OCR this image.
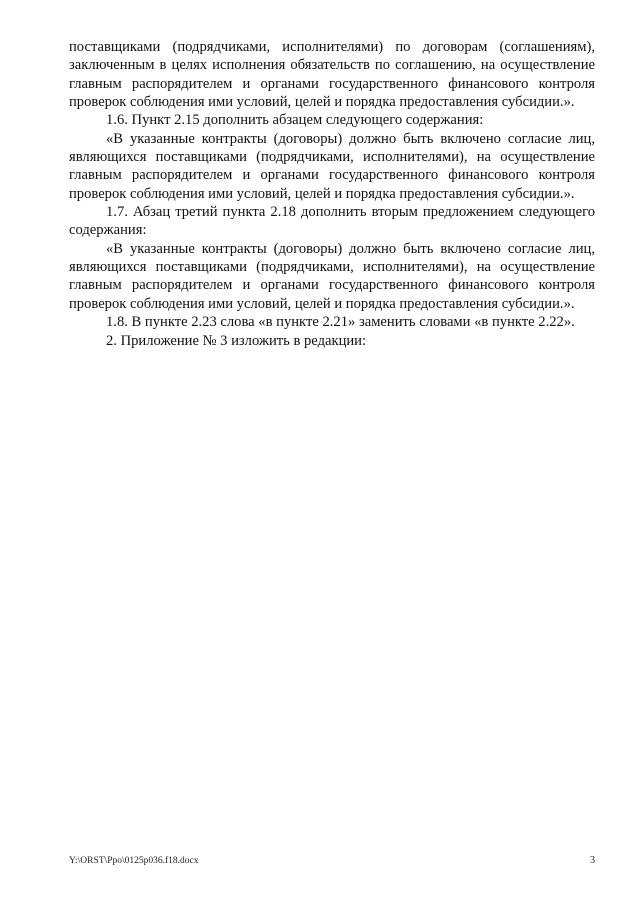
поставщиками (подрядчиками, исполнителями) по договорам (соглашениям), заключенным в целях исполнения обязательств по соглашению, на осуществление главным распорядителем и органами государственного финансового контроля проверок соблюдения ими условий, целей и порядка предоставления субсидии.».

1.6. Пункт 2.15 дополнить абзацем следующего содержания:

«В указанные контракты (договоры) должно быть включено согласие лиц, являющихся поставщиками (подрядчиками, исполнителями), на осуществление главным распорядителем и органами государственного финансового контроля проверок соблюдения ими условий, целей и порядка предоставления субсидии.».

1.7. Абзац третий пункта 2.18 дополнить вторым предложением следующего содержания:

«В указанные контракты (договоры) должно быть включено согласие лиц, являющихся поставщиками (подрядчиками, исполнителями), на осуществление главным распорядителем и органами государственного финансового контроля проверок соблюдения ими условий, целей и порядка предоставления субсидии.».

1.8. В пункте 2.23 слова «в пункте 2.21» заменить словами «в пункте 2.22».

2. Приложение № 3 изложить в редакции:

Y:\ORST\Ppo\0125p036.f18.docx	3
